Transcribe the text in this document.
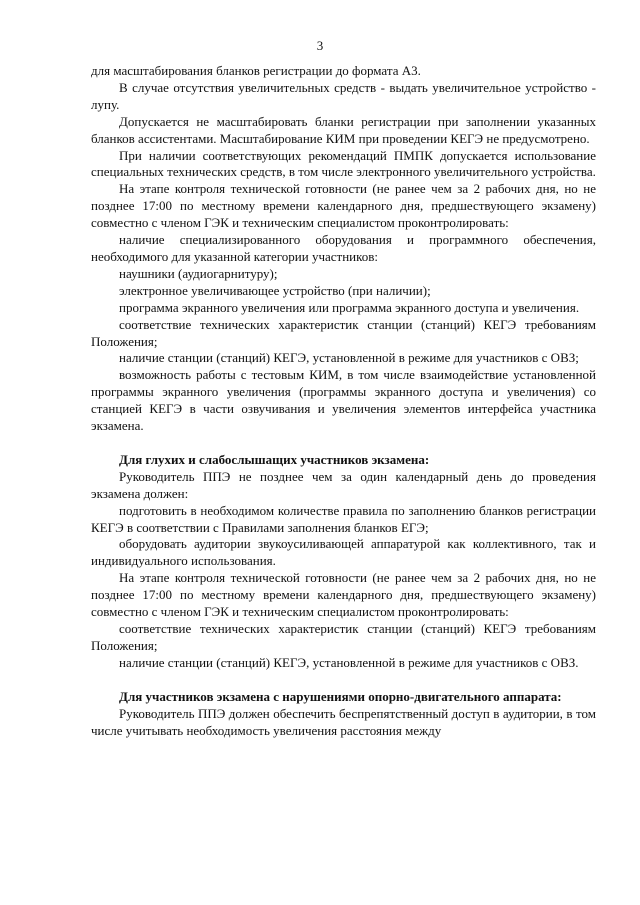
3

для масштабирования бланков регистрации до формата А3.

В случае отсутствия увеличительных средств - выдать увеличительное устройство - лупу.

Допускается не масштабировать бланки регистрации при заполнении указанных бланков ассистентами. Масштабирование КИМ при проведении КЕГЭ не предусмотрено.

При наличии соответствующих рекомендаций ПМПК допускается использование специальных технических средств, в том числе электронного увеличительного устройства.

На этапе контроля технической готовности (не ранее чем за 2 рабочих дня, но не позднее 17:00 по местному времени календарного дня, предшествующего экзамену) совместно с членом ГЭК и техническим специалистом проконтролировать:

наличие специализированного оборудования и программного обеспечения, необходимого для указанной категории участников:

наушники (аудиогарнитуру);

электронное увеличивающее устройство (при наличии);

программа экранного увеличения или программа экранного доступа и увеличения.

соответствие технических характеристик станции (станций) КЕГЭ требованиям Положения;

наличие станции (станций) КЕГЭ, установленной в режиме для участников с ОВЗ;

возможность работы с тестовым КИМ, в том числе взаимодействие установленной программы экранного увеличения (программы экранного доступа и увеличения) со станцией КЕГЭ в части озвучивания и увеличения элементов интерфейса участника экзамена.

Для глухих и слабослышащих участников экзамена:

Руководитель ППЭ не позднее чем за один календарный день до проведения экзамена должен:

подготовить в необходимом количестве правила по заполнению бланков регистрации КЕГЭ в соответствии с Правилами заполнения бланков ЕГЭ;

оборудовать аудитории звукоусиливающей аппаратурой как коллективного, так и индивидуального использования.

На этапе контроля технической готовности (не ранее чем за 2 рабочих дня, но не позднее 17:00 по местному времени календарного дня, предшествующего экзамену) совместно с членом ГЭК и техническим специалистом проконтролировать:

соответствие технических характеристик станции (станций) КЕГЭ требованиям Положения;

наличие станции (станций) КЕГЭ, установленной в режиме для участников с ОВЗ.

Для участников экзамена с нарушениями опорно-двигательного аппарата:

Руководитель ППЭ должен обеспечить беспрепятственный доступ в аудитории, в том числе учитывать необходимость увеличения расстояния между
